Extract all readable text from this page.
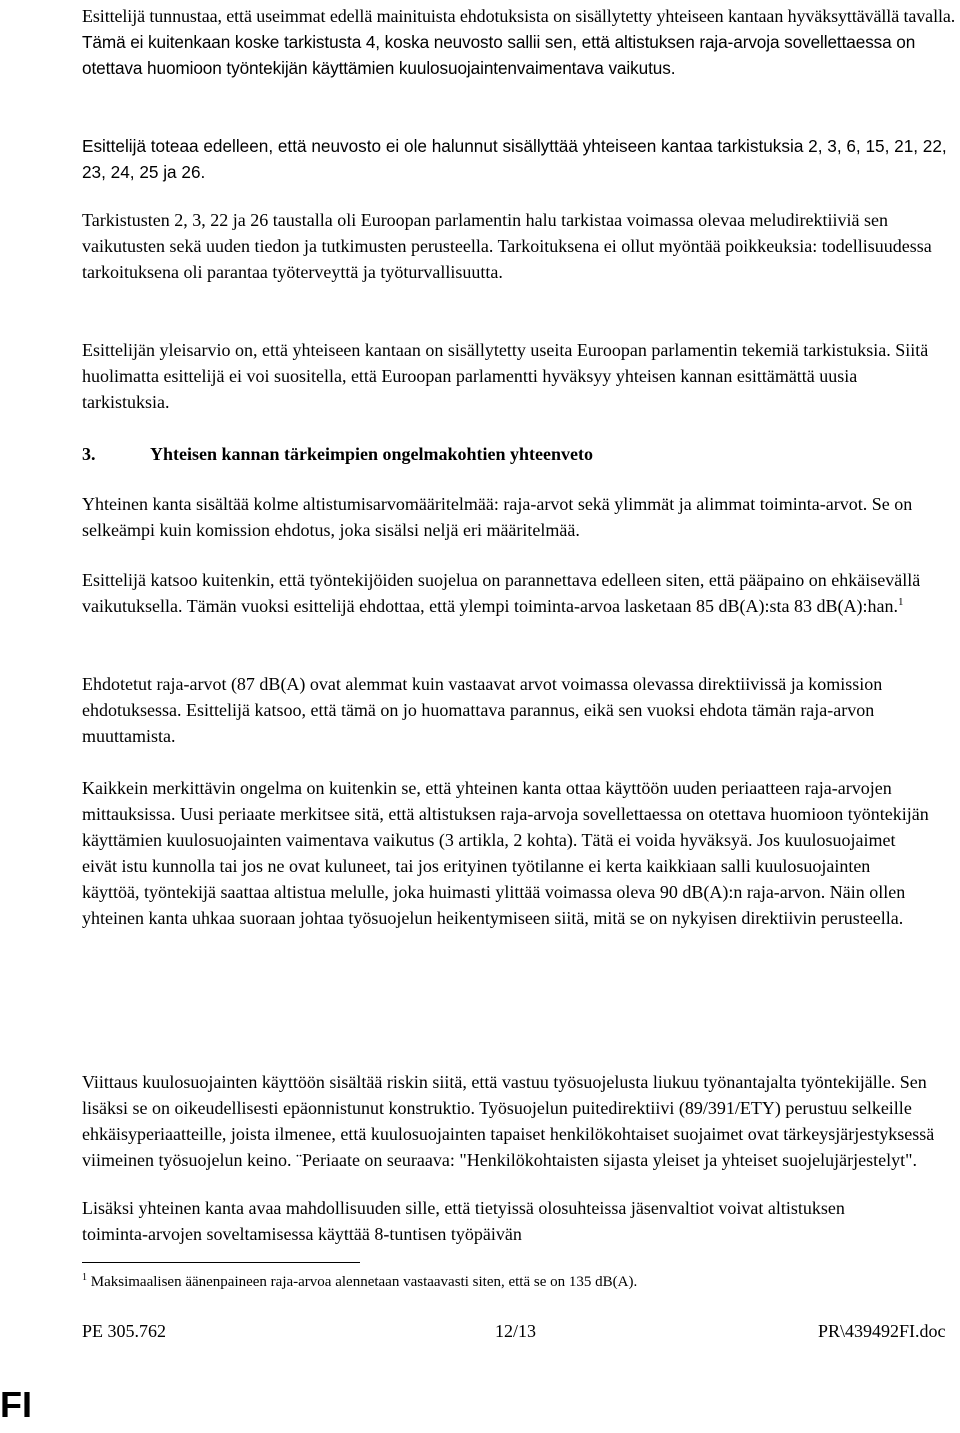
Esittelijä tunnustaa, että useimmat edellä mainituista ehdotuksista on sisällytetty yhteiseen kantaan hyväksyttävällä tavalla. Tämä ei kuitenkaan koske tarkistusta 4, koska neuvosto sallii sen, että altistuksen raja-arvoja sovellettaessa on otettava huomioon työntekijän käyttämien kuulosuojaintenvaimentava vaikutus.

Esittelijä toteaa edelleen, että neuvosto ei ole halunnut sisällyttää yhteiseen kantaa tarkistuksia 2, 3, 6, 15, 21, 22, 23, 24, 25 ja 26.

Tarkistusten 2, 3, 22 ja 26 taustalla oli Euroopan parlamentin halu tarkistaa voimassa olevaa meludirektiiviä sen vaikutusten sekä uuden tiedon ja tutkimusten perusteella. Tarkoituksena ei ollut myöntää poikkeuksia: todellisuudessa tarkoituksena oli parantaa työterveyttä ja työturvallisuutta.

Esittelijän yleisarvio on, että yhteiseen kantaan on sisällytetty useita Euroopan parlamentin tekemiä tarkistuksia. Siitä huolimatta esittelijä ei voi suositella, että Euroopan parlamentti hyväksyy yhteisen kannan esittämättä uusia tarkistuksia.

3.	Yhteisen kannan tärkeimpien ongelmakohtien yhteenveto

Yhteinen kanta sisältää kolme altistumisarvomääritelmää: raja-arvot sekä ylimmät ja alimmat toiminta-arvot. Se on selkeämpi kuin komission ehdotus, joka sisälsi neljä eri määritelmää.

Esittelijä katsoo kuitenkin, että työntekijöiden suojelua on parannettava edelleen siten, että pääpaino on ehkäisevällä vaikutuksella. Tämän vuoksi esittelijä ehdottaa, että ylempi toiminta-arvoa lasketaan 85 dB(A):sta 83 dB(A):han.$^1$

Ehdotetut raja-arvot (87 dB(A) ovat alemmat kuin vastaavat arvot voimassa olevassa direktiivissä ja komission ehdotuksessa. Esittelijä katsoo, että tämä on jo huomattava parannus, eikä sen vuoksi ehdota tämän raja-arvon muuttamista.

Kaikkein merkittävin ongelma on kuitenkin se, että yhteinen kanta ottaa käyttöön uuden periaatteen raja-arvojen mittauksissa. Uusi periaate merkitsee sitä, että altistuksen raja-arvoja sovellettaessa on otettava huomioon työntekijän käyttämien kuulosuojainten vaimentava vaikutus (3 artikla, 2 kohta). Tätä ei voida hyväksyä. Jos kuulosuojaimet eivät istu kunnolla tai jos ne ovat kuluneet, tai jos erityinen työtilanne ei kerta kaikkiaan salli kuulosuojainten käyttöä, työntekijä saattaa altistua melulle, joka huimasti ylittää voimassa oleva 90 dB(A):n raja-arvon. Näin ollen yhteinen kanta uhkaa suoraan johtaa työsuojelun heikentymiseen siitä, mitä se on nykyisen direktiivin perusteella.

Viittaus kuulosuojainten käyttöön sisältää riskin siitä, että vastuu työsuojelusta liukuu työnantajalta työntekijälle. Sen lisäksi se on oikeudellisesti epäonnistunut konstruktio. Työsuojelun puitedirektiivi (89/391/ETY) perustuu selkeille ehkäisyperiaatteille, joista ilmenee, että kuulosuojainten tapaiset henkilökohtaiset suojaimet ovat tärkeysjärjestyksessä viimeinen työsuojelun keino. ¨Periaate on seuraava: "Henkilökohtaisten sijasta yleiset ja yhteiset suojelujärjestelyt".

Lisäksi yhteinen kanta avaa mahdollisuuden sille, että tietyissä olosuhteissa jäsenvaltiot voivat altistuksen toiminta-arvojen soveltamisessa käyttää 8-tuntisen työpäivän

$^1$ Maksimaalisen äänenpaineen raja-arvoa alennetaan vastaavasti siten, että se on 135 dB(A).

PE 305.762	12/13	PR\439492FI.doc
FI
